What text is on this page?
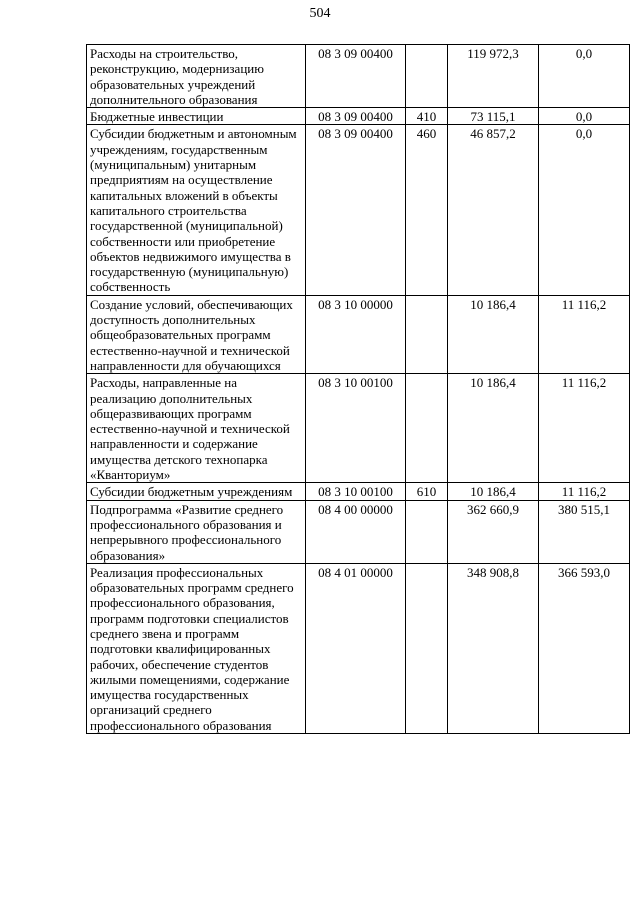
504
Расходы на строительство, реконструкцию, модернизацию образовательных учреждений дополнительного образования	08 3 09 00400		119 972,3	0,0
Бюджетные инвестиции	08 3 09 00400	410	73 115,1	0,0
Субсидии бюджетным и автономным учреждениям, государственным (муниципальным) унитарным предприятиям на осуществление капитальных вложений в объекты капитального строительства государственной (муниципальной) собственности или приобретение объектов недвижимого имущества в государственную (муниципальную) собственность	08 3 09 00400	460	46 857,2	0,0
Создание условий, обеспечивающих доступность дополнительных общеобразовательных программ естественно-научной и технической направленности для обучающихся	08 3 10 00000		10 186,4	11 116,2
Расходы, направленные на реализацию дополнительных общеразвивающих программ естественно-научной и технической направленности и содержание имущества детского технопарка «Кванториум»	08 3 10 00100		10 186,4	11 116,2
Субсидии бюджетным учреждениям	08 3 10 00100	610	10 186,4	11 116,2
Подпрограмма «Развитие среднего профессионального образования и непрерывного профессионального образования»	08 4 00 00000		362 660,9	380 515,1
Реализация профессиональных образовательных программ среднего профессионального образования, программ подготовки специалистов среднего звена и программ подготовки квалифицированных рабочих, обеспечение студентов жилыми помещениями, содержание имущества государственных организаций среднего профессионального образования	08 4 01 00000		348 908,8	366 593,0
